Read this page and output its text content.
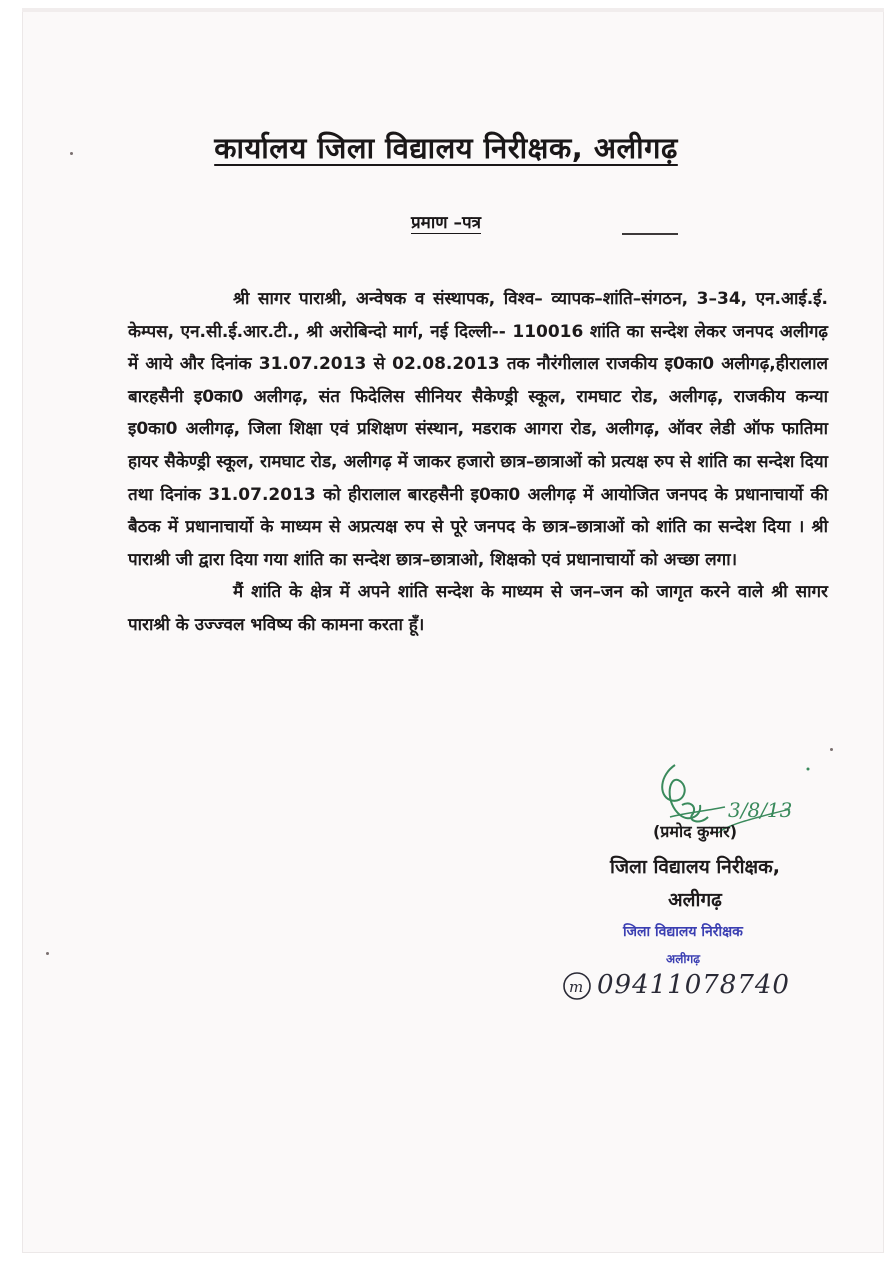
कार्यालय जिला विद्यालय निरीक्षक, अलीगढ़
प्रमाण –पत्र

श्री सागर पाराश्री, अन्वेषक व संस्थापक, विश्व– व्यापक–शांति–संगठन, 3–34, एन.आई.ई. केम्पस, एन.सी.ई.आर.टी., श्री अरोबिन्दो मार्ग, नई दिल्ली-- 110016 शांति का सन्देश लेकर जनपद अलीगढ़ में आये और दिनांक 31.07.2013 से 02.08.2013 तक नौरंगीलाल राजकीय इ0का0 अलीगढ़,हीरालाल बारहसैनी इ0का0 अलीगढ़, संत फिदेलिस सीनियर सैकेण्ड्री स्कूल, रामघाट रोड, अलीगढ़, राजकीय कन्या इ0का0 अलीगढ़, जिला शिक्षा एवं प्रशिक्षण संस्थान, मडराक आगरा रोड, अलीगढ़, ऑवर लेडी ऑफ फातिमा हायर सैकेण्ड्री स्कूल, रामघाट रोड, अलीगढ़ में जाकर हजारो छात्र–छात्राओं को प्रत्यक्ष रुप से शांति का सन्देश दिया तथा दिनांक 31.07.2013 को हीरालाल बारहसैनी इ0का0 अलीगढ़ में आयोजित जनपद के प्रधानाचार्यो की बैठक में प्रधानाचार्यो के माध्यम से अप्रत्यक्ष रुप से पूरे जनपद के छात्र–छात्राओं को शांति का सन्देश दिया । श्री पाराश्री जी द्वारा दिया गया शांति का सन्देश छात्र–छात्राओ, शिक्षको एवं प्रधानाचार्यो को अच्छा लगा।

मैं शांति के क्षेत्र में अपने शांति सन्देश के माध्यम से जन–जन को जागृत करने वाले श्री सागर पाराश्री के उज्ज्वल भविष्य की कामना करता हूँ।

3/8/13
(प्रमोद कुमार)
जिला विद्यालय निरीक्षक,
अलीगढ़
जिला विद्यालय निरीक्षक
अलीगढ़
m 09411078740
